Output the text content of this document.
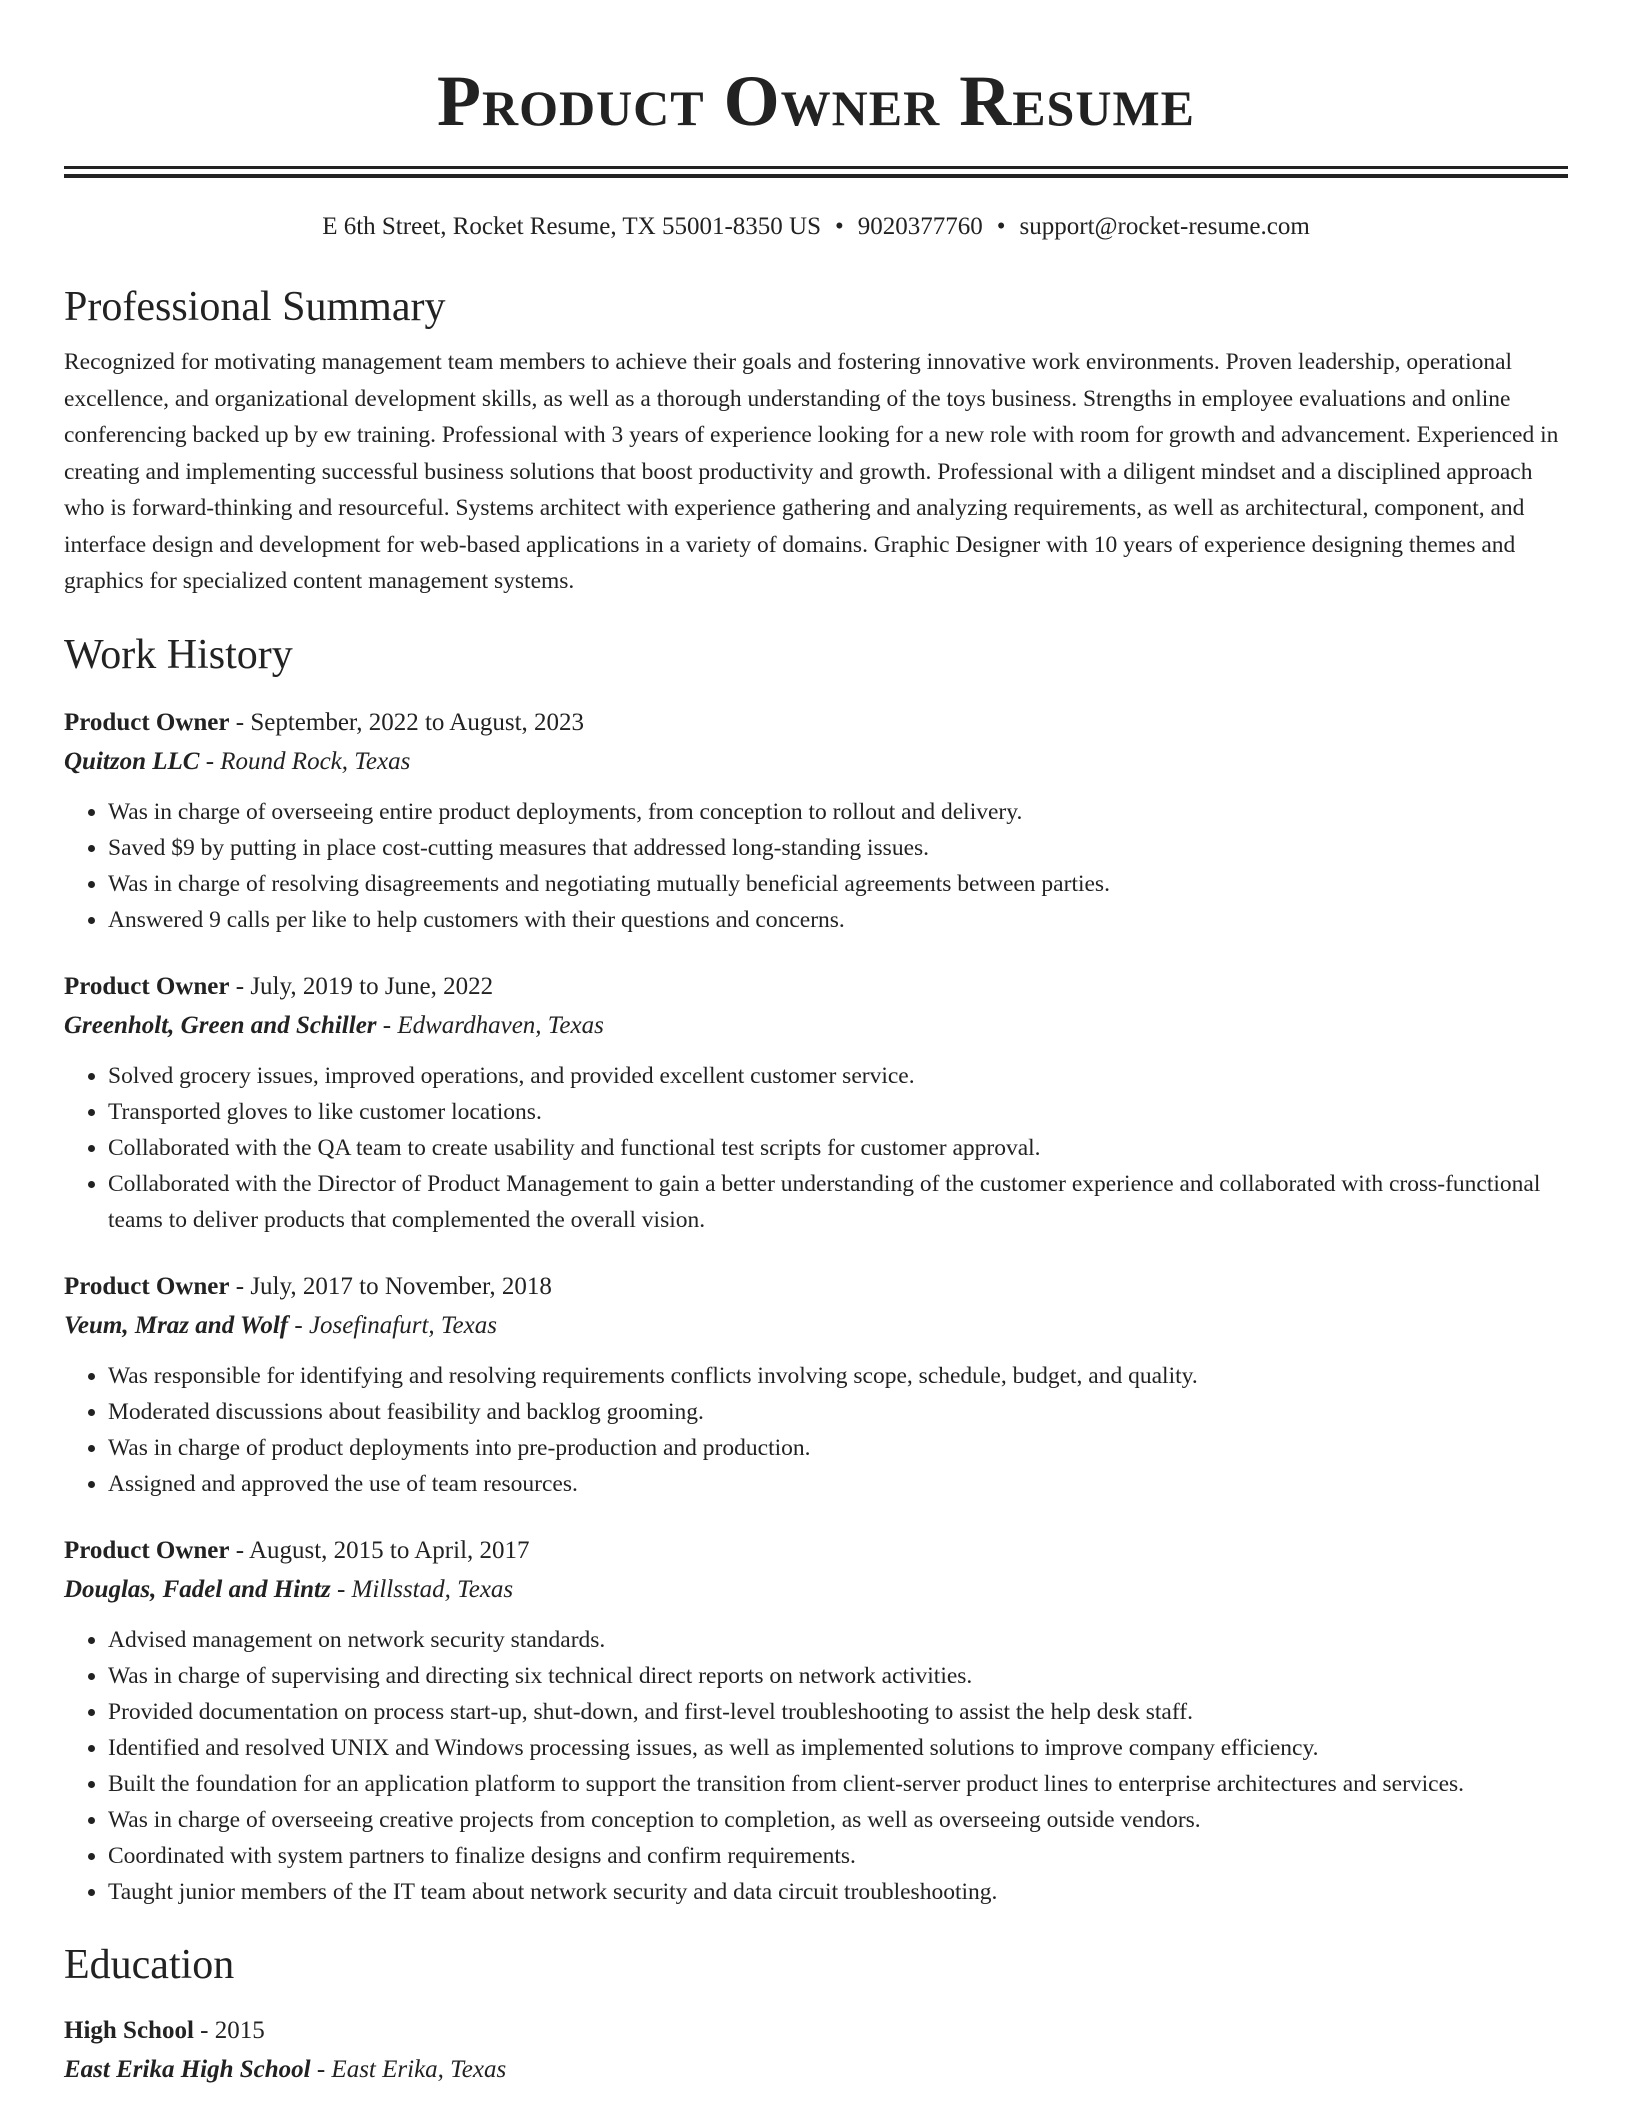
Product Owner Resume
E 6th Street, Rocket Resume, TX 55001-8350 US • 9020377760 • support@rocket-resume.com
Professional Summary
Recognized for motivating management team members to achieve their goals and fostering innovative work environments. Proven leadership, operational excellence, and organizational development skills, as well as a thorough understanding of the toys business. Strengths in employee evaluations and online conferencing backed up by ew training. Professional with 3 years of experience looking for a new role with room for growth and advancement. Experienced in creating and implementing successful business solutions that boost productivity and growth. Professional with a diligent mindset and a disciplined approach who is forward-thinking and resourceful. Systems architect with experience gathering and analyzing requirements, as well as architectural, component, and interface design and development for web-based applications in a variety of domains. Graphic Designer with 10 years of experience designing themes and graphics for specialized content management systems.
Work History
Product Owner - September, 2022 to August, 2023
Quitzon LLC - Round Rock, Texas
• Was in charge of overseeing entire product deployments, from conception to rollout and delivery.
• Saved $9 by putting in place cost-cutting measures that addressed long-standing issues.
• Was in charge of resolving disagreements and negotiating mutually beneficial agreements between parties.
• Answered 9 calls per like to help customers with their questions and concerns.
Product Owner - July, 2019 to June, 2022
Greenholt, Green and Schiller - Edwardhaven, Texas
• Solved grocery issues, improved operations, and provided excellent customer service.
• Transported gloves to like customer locations.
• Collaborated with the QA team to create usability and functional test scripts for customer approval.
• Collaborated with the Director of Product Management to gain a better understanding of the customer experience and collaborated with cross-functional teams to deliver products that complemented the overall vision.
Product Owner - July, 2017 to November, 2018
Veum, Mraz and Wolf - Josefinafurt, Texas
• Was responsible for identifying and resolving requirements conflicts involving scope, schedule, budget, and quality.
• Moderated discussions about feasibility and backlog grooming.
• Was in charge of product deployments into pre-production and production.
• Assigned and approved the use of team resources.
Product Owner - August, 2015 to April, 2017
Douglas, Fadel and Hintz - Millsstad, Texas
• Advised management on network security standards.
• Was in charge of supervising and directing six technical direct reports on network activities.
• Provided documentation on process start-up, shut-down, and first-level troubleshooting to assist the help desk staff.
• Identified and resolved UNIX and Windows processing issues, as well as implemented solutions to improve company efficiency.
• Built the foundation for an application platform to support the transition from client-server product lines to enterprise architectures and services.
• Was in charge of overseeing creative projects from conception to completion, as well as overseeing outside vendors.
• Coordinated with system partners to finalize designs and confirm requirements.
• Taught junior members of the IT team about network security and data circuit troubleshooting.
Education
High School - 2015
East Erika High School - East Erika, Texas
